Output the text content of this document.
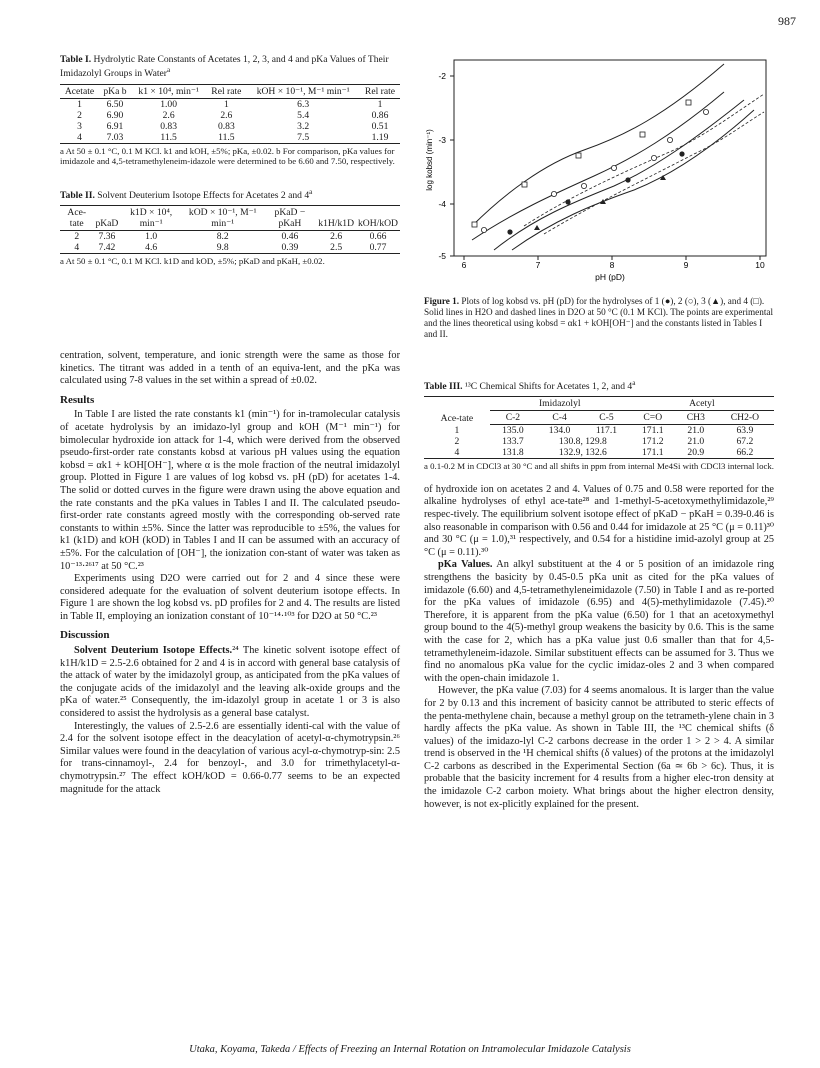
987
Table I. Hydrolytic Rate Constants of Acetates 1, 2, 3, and 4 and pKa Values of Their Imidazolyl Groups in Water$^a$
Acetate	pKa b	k1 × 10⁴, min⁻¹	Rel rate	kOH × 10⁻¹, M⁻¹ min⁻¹	Rel rate
1	6.50	1.00	1	6.3	1
2	6.90	2.6	2.6	5.4	0.86
3	6.91	0.83	0.83	3.2	0.51
4	7.03	11.5	11.5	7.5	1.19
a At 50 ± 0.1 °C, 0.1 M KCl. k1 and kOH, ±5%; pKa, ±0.02. b For comparison, pKa values for imidazole and 4,5-tetramethyleneim-idazole were determined to be 6.60 and 7.50, respectively.
Table II. Solvent Deuterium Isotope Effects for Acetates 2 and 4$^a$
Ace-tate	pKaD	k1D × 10⁴, min⁻¹	kOD × 10⁻¹, M⁻¹ min⁻¹	pKaD − pKaH	k1H/k1D	kOH/kOD
2	7.36	1.0	8.2	0.46	2.6	0.66
4	7.42	4.6	9.8	0.39	2.5	0.77
a At 50 ± 0.1 °C, 0.1 M KCl. k1D and kOD, ±5%; pKaD and pKaH, ±0.02.

centration, solvent, temperature, and ionic strength were the same as those for kinetics. The titrant was added in a tenth of an equiva-lent, and the pKa was calculated using 7-8 values in the set within a spread of ±0.02.

Results

In Table I are listed the rate constants k1 (min⁻¹) for in-tramolecular catalysis of acetate hydrolysis by an imidazo-lyl group and kOH (M⁻¹ min⁻¹) for bimolecular hydroxide ion attack for 1-4, which were derived from the observed pseudo-first-order rate constants kobsd at various pH values using the equation kobsd = αk1 + kOH[OH⁻], where α is the mole fraction of the neutral imidazolyl group. Plotted in Figure 1 are values of log kobsd vs. pH (pD) for acetates 1-4. The solid or dotted curves in the figure were drawn using the above equation and the rate constants and the pKa values in Tables I and II. The calculated pseudo-first-order rate constants agreed mostly with the corresponding ob-served rate constants to within ±5%. Since the latter was reproducible to ±5%, the values for k1 (k1D) and kOH (kOD) in Tables I and II can be assumed with an accuracy of ±5%. For the calculation of [OH⁻], the ionization con-stant of water was taken as 10⁻¹³·²⁶¹⁷ at 50 °C.²³

Experiments using D2O were carried out for 2 and 4 since these were considered adequate for the evaluation of solvent deuterium isotope effects. In Figure 1 are shown the log kobsd vs. pD profiles for 2 and 4. The results are listed in Table II, employing an ionization constant of 10⁻¹⁴·¹⁰³ for D2O at 50 °C.²³

Discussion

Solvent Deuterium Isotope Effects.²⁴ The kinetic solvent isotope effect of k1H/k1D = 2.5-2.6 obtained for 2 and 4 is in accord with general base catalysis of the attack of water by the imidazolyl group, as anticipated from the pKa values of the conjugate acids of the imidazolyl and the leaving alk-oxide groups and the pKa of water.²⁵ Consequently, the im-idazolyl group in acetate 1 or 3 is also considered to assist the hydrolysis as a general base catalyst.

Interestingly, the values of 2.5-2.6 are essentially identi-cal with the value of 2.4 for the solvent isotope effect in the deacylation of acetyl-α-chymotrypsin.²⁶ Similar values were found in the deacylation of various acyl-α-chymotryp-sin: 2.5 for trans-cinnamoyl-, 2.4 for benzoyl-, and 3.0 for trimethylacetyl-α-chymotrypsin.²⁷ The effect kOH/kOD = 0.66-0.77 seems to be an expected magnitude for the attack

-2
-3
-4
-5
6	7	8	9	10
log kobsd (min⁻¹)
pH (pD)
Figure 1. Plots of log kobsd vs. pH (pD) for the hydrolyses of 1 (●), 2 (○), 3 (▲), and 4 (□). Solid lines in H2O and dashed lines in D2O at 50 °C (0.1 M KCl). The points are experimental and the lines theoretical using kobsd = αk1 + kOH[OH⁻] and the constants listed in Tables I and II.
Table III. ¹³C Chemical Shifts for Acetates 1, 2, and 4$^a$
Ace-tate	Imidazolyl			Acetyl		
	C-2	C-4	C-5	C=O	CH3	CH2-O
1	135.0	134.0	117.1	171.1	21.0	63.9
2	133.7	130.8, 129.8		171.2	21.0	67.2
4	131.8	132.9, 132.6		171.1	20.9	66.2
a 0.1-0.2 M in CDCl3 at 30 °C and all shifts in ppm from internal Me4Si with CDCl3 internal lock.

of hydroxide ion on acetates 2 and 4. Values of 0.75 and 0.58 were reported for the alkaline hydrolyses of ethyl ace-tate²⁸ and 1-methyl-5-acetoxymethylimidazole,²⁹ respec-tively. The equilibrium solvent isotope effect of pKaD − pKaH = 0.39-0.46 is also reasonable in comparison with 0.56 and 0.44 for imidazole at 25 °C (μ = 0.11)³⁰ and 30 °C (μ = 1.0),³¹ respectively, and 0.54 for a histidine imid-azolyl group at 25 °C (μ = 0.11).³⁰

pKa Values. An alkyl substituent at the 4 or 5 position of an imidazole ring strengthens the basicity by 0.45-0.5 pKa unit as cited for the pKa values of imidazole (6.60) and 4,5-tetramethyleneimidazole (7.50) in Table I and as re-ported for the pKa values of imidazole (6.95) and 4(5)-methylimidazole (7.45).²⁰ Therefore, it is apparent from the pKa value (6.50) for 1 that an acetoxymethyl group bound to the 4(5)-methyl group weakens the basicity by 0.6. This is the same with the case for 2, which has a pKa value just 0.6 smaller than that for 4,5-tetramethyleneim-idazole. Similar substituent effects can be assumed for 3. Thus we find no anomalous pKa value for the cyclic imidaz-oles 2 and 3 when compared with the open-chain imidazole 1.

However, the pKa value (7.03) for 4 seems anomalous. It is larger than the value for 2 by 0.13 and this increment of basicity cannot be attributed to steric effects of the penta-methylene chain, because a methyl group on the tetrameth-ylene chain in 3 hardly affects the pKa value. As shown in Table III, the ¹³C chemical shifts (δ values) of the imidazo-lyl C-2 carbons decrease in the order 1 > 2 > 4. A similar trend is observed in the ¹H chemical shifts (δ values) of the protons at the imidazolyl C-2 carbons as described in the Experimental Section (6a ≃ 6b > 6c). Thus, it is probable that the basicity increment for 4 results from a higher elec-tron density at the imidazole C-2 carbon moiety. What brings about the higher electron density, however, is not ex-plicitly explained for the present.

Utaka, Koyama, Takeda / Effects of Freezing an Internal Rotation on Intramolecular Imidazole Catalysis
